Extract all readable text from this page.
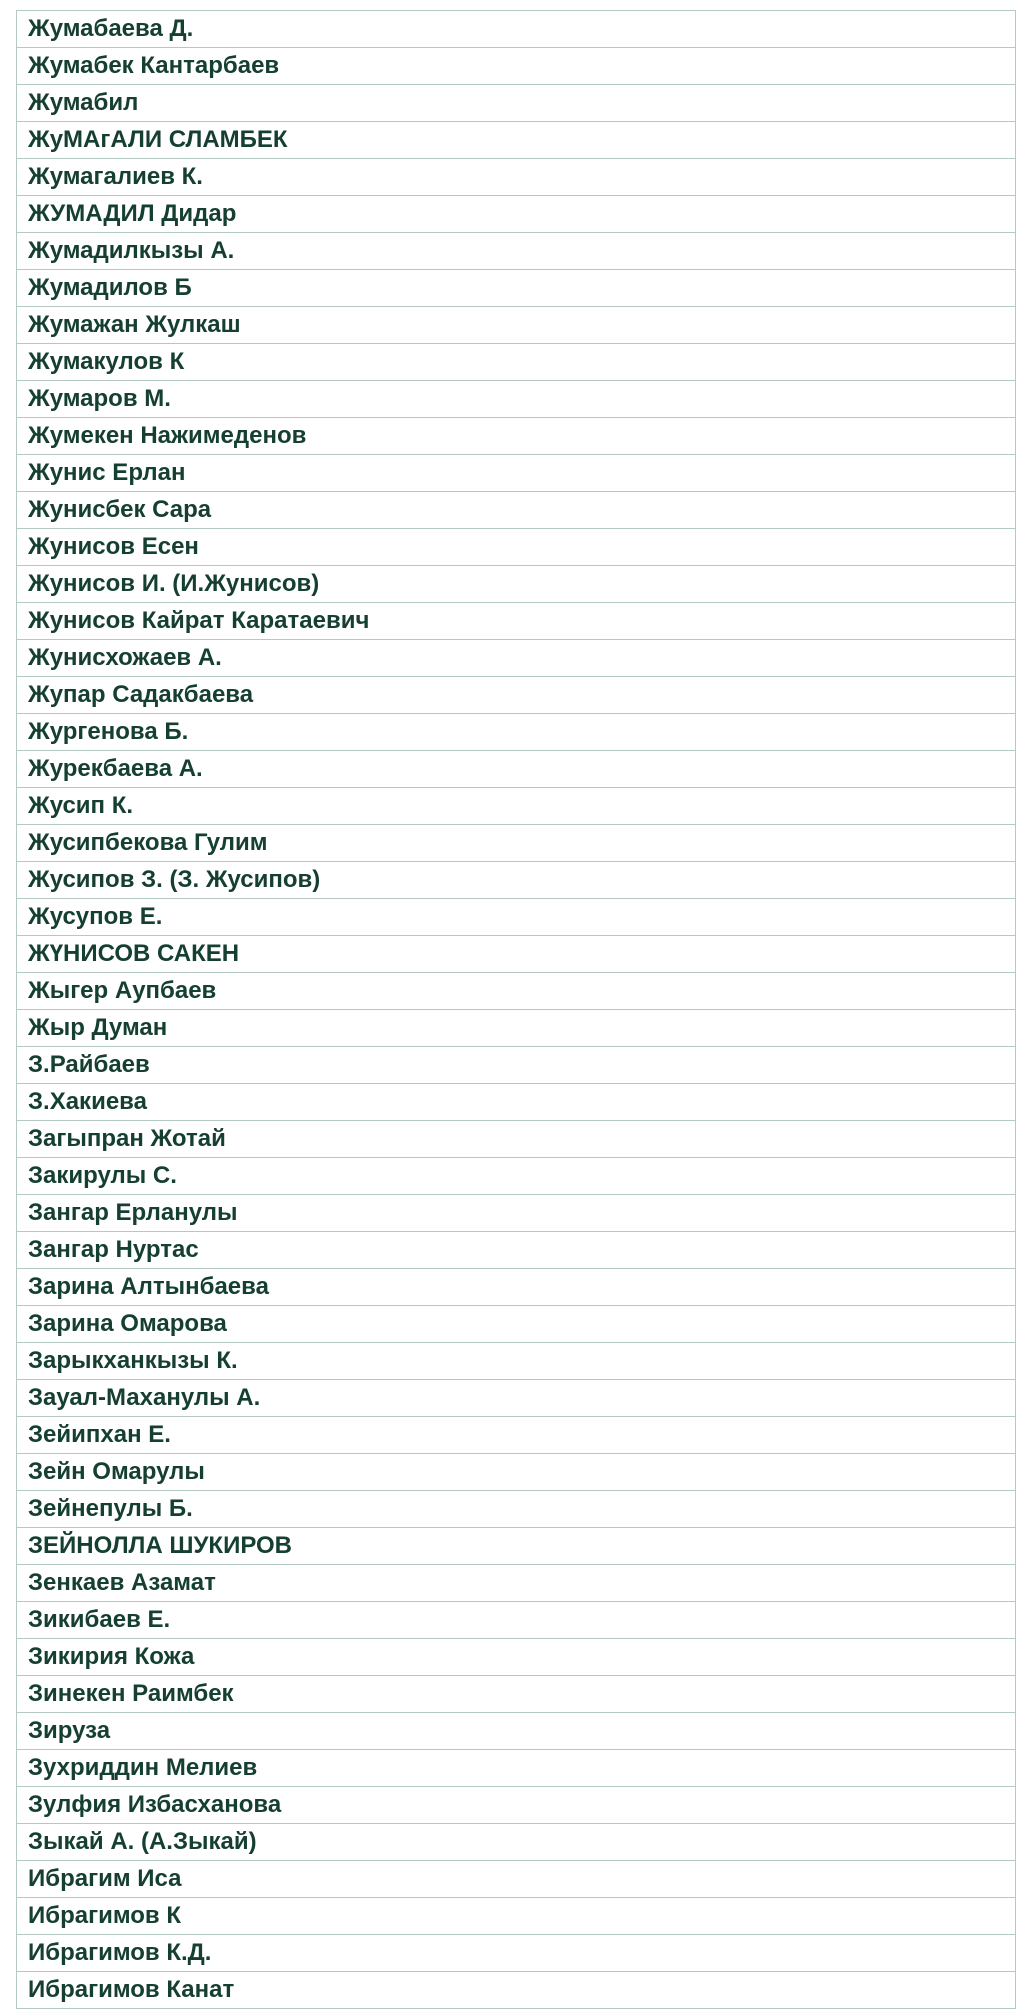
Жумабаева Д.
Жумабек Кантарбаев
Жумабил
ЖуМАгАЛИ СЛАМБЕК
Жумагалиев К.
ЖУМАДИЛ Дидар
Жумадилкызы А.
Жумадилов Б
Жумажан Жулкаш
Жумакулов К
Жумаров М.
Жумекен Нажимеденов
Жунис Ерлан
Жунисбек Сара
Жунисов Есен
Жунисов И. (И.Жунисов)
Жунисов Кайрат Каратаевич
Жунисхожаев А.
Жупар Садакбаева
Жургенова Б.
Журекбаева А.
Жусип К.
Жусипбекова Гулим
Жусипов З. (З. Жусипов)
Жусупов Е.
ЖҮНИСОВ САКЕН
Жыгер Аупбаев
Жыр Думан
З.Райбаев
З.Хакиева
Загыпран Жотай
Закирулы С.
Зангар Ерланулы
Зангар Нуртас
Зарина Алтынбаева
Зарина Омарова
Зарыкханкызы К.
Зауал-Маханулы А.
Зейипхан Е.
Зейн Омарулы
Зейнепулы Б.
ЗЕЙНОЛЛА ШУКИРОВ
Зенкаев Азамат
Зикибаев Е.
Зикирия Кожа
Зинекен Раимбек
Зируза
Зухриддин Мелиев
Зулфия Избасханова
Зыкай А. (А.Зыкай)
Ибрагим Иса
Ибрагимов К
Ибрагимов К.Д.
Ибрагимов Канат
